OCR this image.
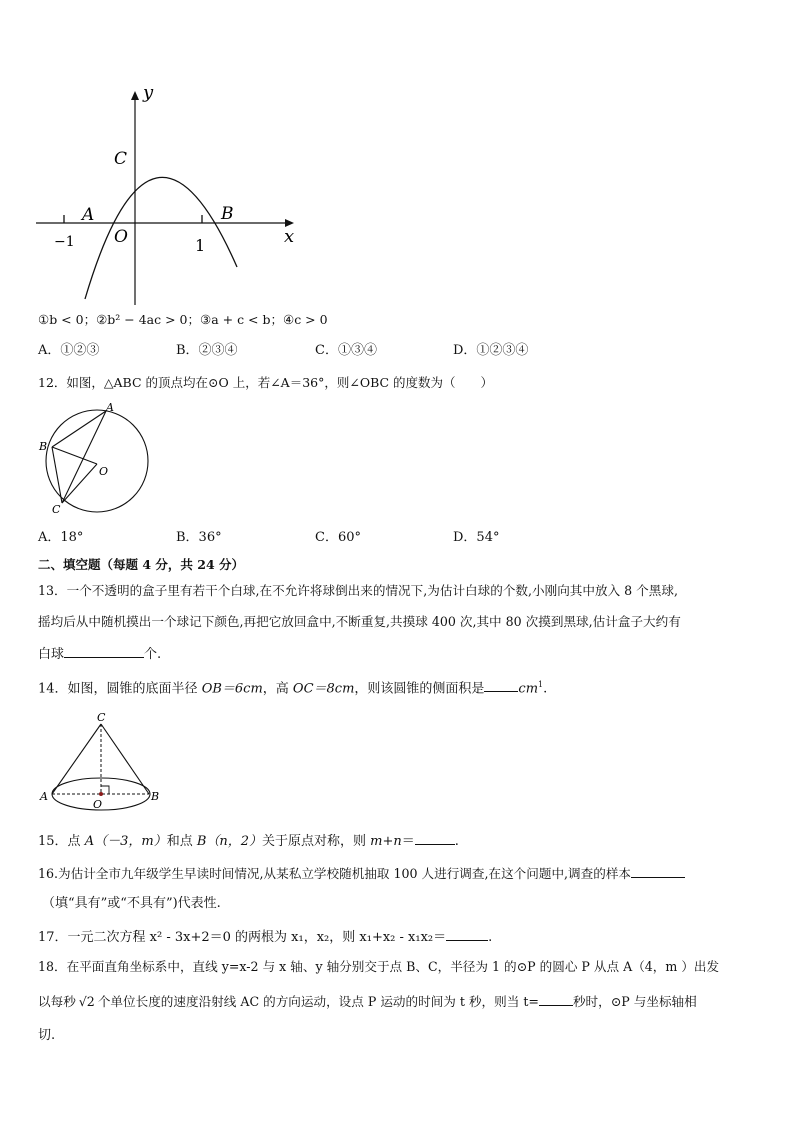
y
x
C
A	B
O
−1	1
①b < 0；②b² − 4ac > 0；③a + c < b；④c > 0
A．①②③	B．②③④	C．①③④	D．①②③④
12．如图，△ABC 的顶点均在⊙O 上，若∠A＝36°，则∠OBC 的度数为（　　）
A
B
C
O
A．18°	B．36°	C．60°	D．54°
二、填空题（每题 4 分，共 24 分）
13．一个不透明的盒子里有若干个白球,在不允许将球倒出来的情况下,为估计白球的个数,小刚向其中放入 8 个黑球,
摇均后从中随机摸出一个球记下颜色,再把它放回盒中,不断重复,共摸球 400 次,其中 80 次摸到黑球,估计盒子大约有
白球	个.
14．如图，圆锥的底面半径 OB＝6cm，高 OC＝8cm，则该圆锥的侧面积是	$cm^1$.
C
A
O
B
15．点 A（－3，m）和点 B（n，2）关于原点对称，则 m+n＝	.
16.为估计全市九年级学生早读时间情况,从某私立学校随机抽取 100 人进行调查,在这个问题中,调查的样本
（填“具有”或“不具有”)代表性.
17．一元二次方程 x² - 3x+2＝0 的两根为 x₁，x₂，则 x₁+x₂ - x₁x₂＝	.
18．在平面直角坐标系中，直线 y=x-2 与 x 轴、y 轴分别交于点 B、C，半径为 1 的⊙P 的圆心 P 从点 A（4，m ）出发
以每秒 √2 个单位长度的速度沿射线 AC 的方向运动，设点 P 运动的时间为 t 秒，则当 t=	秒时，⊙P 与坐标轴相
切.
